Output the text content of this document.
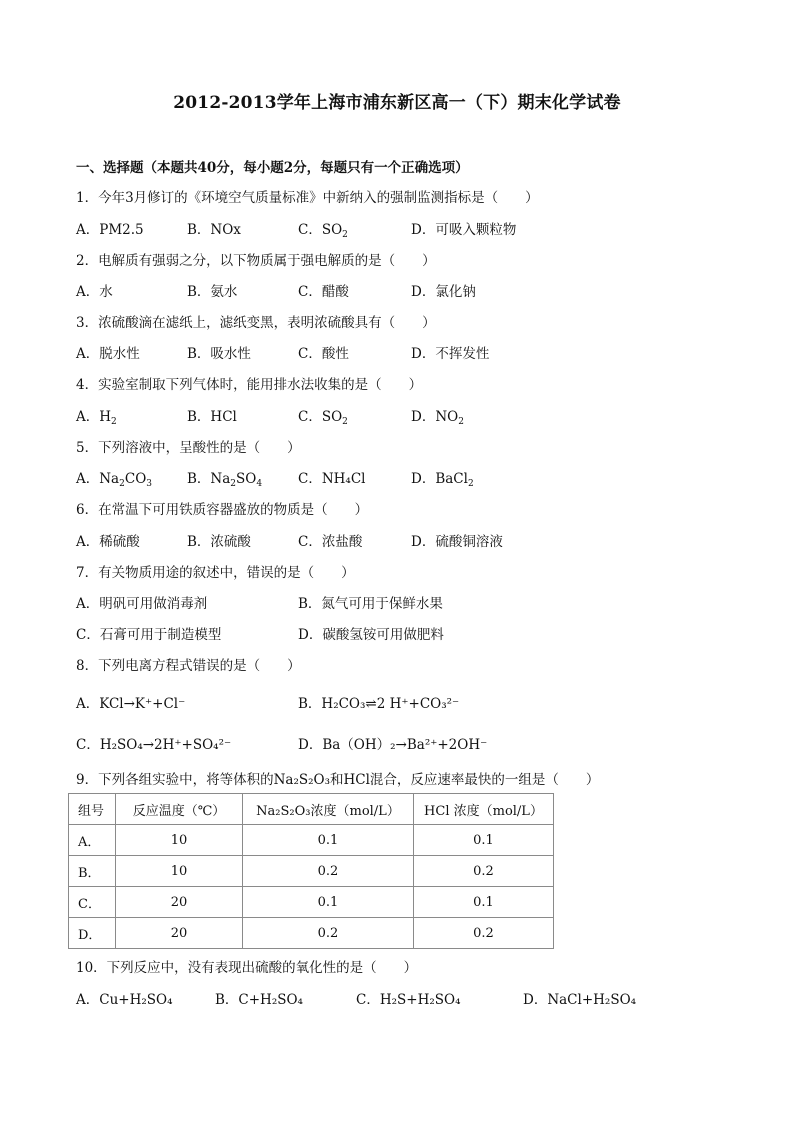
2012-2013学年上海市浦东新区高一（下）期末化学试卷
一、选择题（本题共40分，每小题2分，每题只有一个正确选项）
1．今年3月修订的《环境空气质量标准》中新纳入的强制监测指标是（　　）
A．PM2.5	B．NOx	C．$SO_2$	D．可吸入颗粒物
2．电解质有强弱之分，以下物质属于强电解质的是（　　）
A．水	B．氨水	C．醋酸	D．氯化钠
3．浓硫酸滴在滤纸上，滤纸变黑，表明浓硫酸具有（　　）
A．脱水性	B．吸水性	C．酸性	D．不挥发性
4．实验室制取下列气体时，能用排水法收集的是（　　）
A．$H_2$	B．HCl	C．$SO_2$	D．$NO_2$
5．下列溶液中，呈酸性的是（　　）
A．$Na_2CO_3$	B．$Na_2SO_4$	C．NH₄Cl	D．BaCl$_2$
6．在常温下可用铁质容器盛放的物质是（　　）
A．稀硫酸	B．浓硫酸	C．浓盐酸	D．硫酸铜溶液
7．有关物质用途的叙述中，错误的是（　　）
A．明矾可用做消毒剂	B．氮气可用于保鲜水果
C．石膏可用于制造模型	D．碳酸氢铵可用做肥料
8．下列电离方程式错误的是（　　）
A．KCl→K⁺+Cl⁻	B．H₂CO₃⇌2 H⁺+CO₃²⁻
C．H₂SO₄→2H⁺+SO₄²⁻	D．Ba（OH）₂→Ba²⁺+2OH⁻
9．下列各组实验中，将等体积的Na₂S₂O₃和HCl混合，反应速率最快的一组是（　　）
组号	反应温度（℃）	Na₂S₂O₃浓度（mol/L）	HCl 浓度（mol/L）
A．	10	0.1	0.1
B．	10	0.2	0.2
C．	20	0.1	0.1
D．	20	0.2	0.2
10．下列反应中，没有表现出硫酸的氧化性的是（　　）
A．Cu+H₂SO₄	B．C+H₂SO₄	C．H₂S+H₂SO₄	D．NaCl+H₂SO₄
